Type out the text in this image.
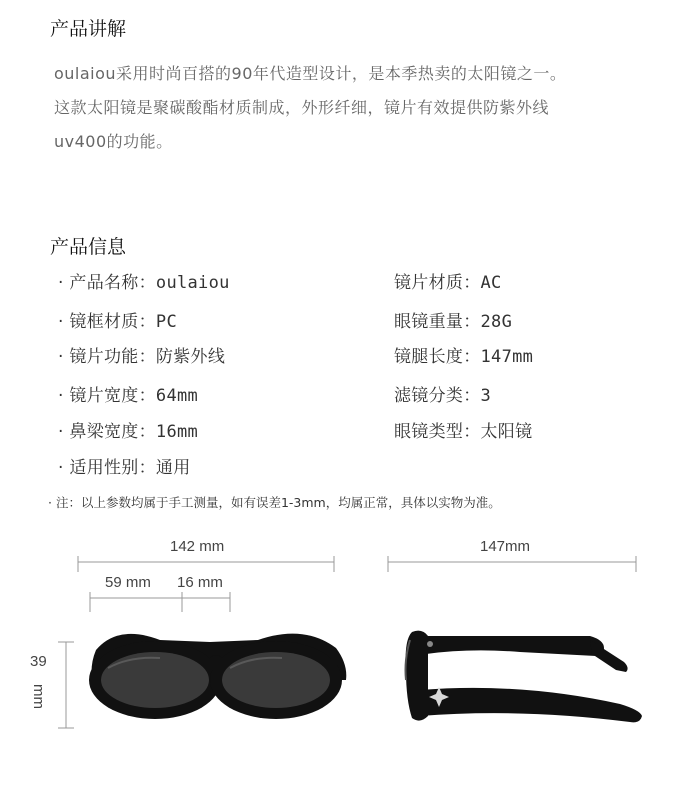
产品讲解
oulaiou采用时尚百搭的90年代造型设计，是本季热卖的太阳镜之一。
这款太阳镜是聚碳酸酯材质制成，外形纤细，镜片有效提供防紫外线
uv400的功能。
产品信息
· 产品名称：oulaiou
· 镜框材质：PC
· 镜片功能：防紫外线
· 镜片宽度：64mm
· 鼻梁宽度：16mm
· 适用性别：通用
镜片材质：AC
眼镜重量：28G
镜腿长度：147mm
滤镜分类：3
眼镜类型：太阳镜
· 注：以上参数均属于手工测量，如有误差1-3mm，均属正常，具体以实物为准。
142 mm
59 mm 16 mm
147mm
39
mm
